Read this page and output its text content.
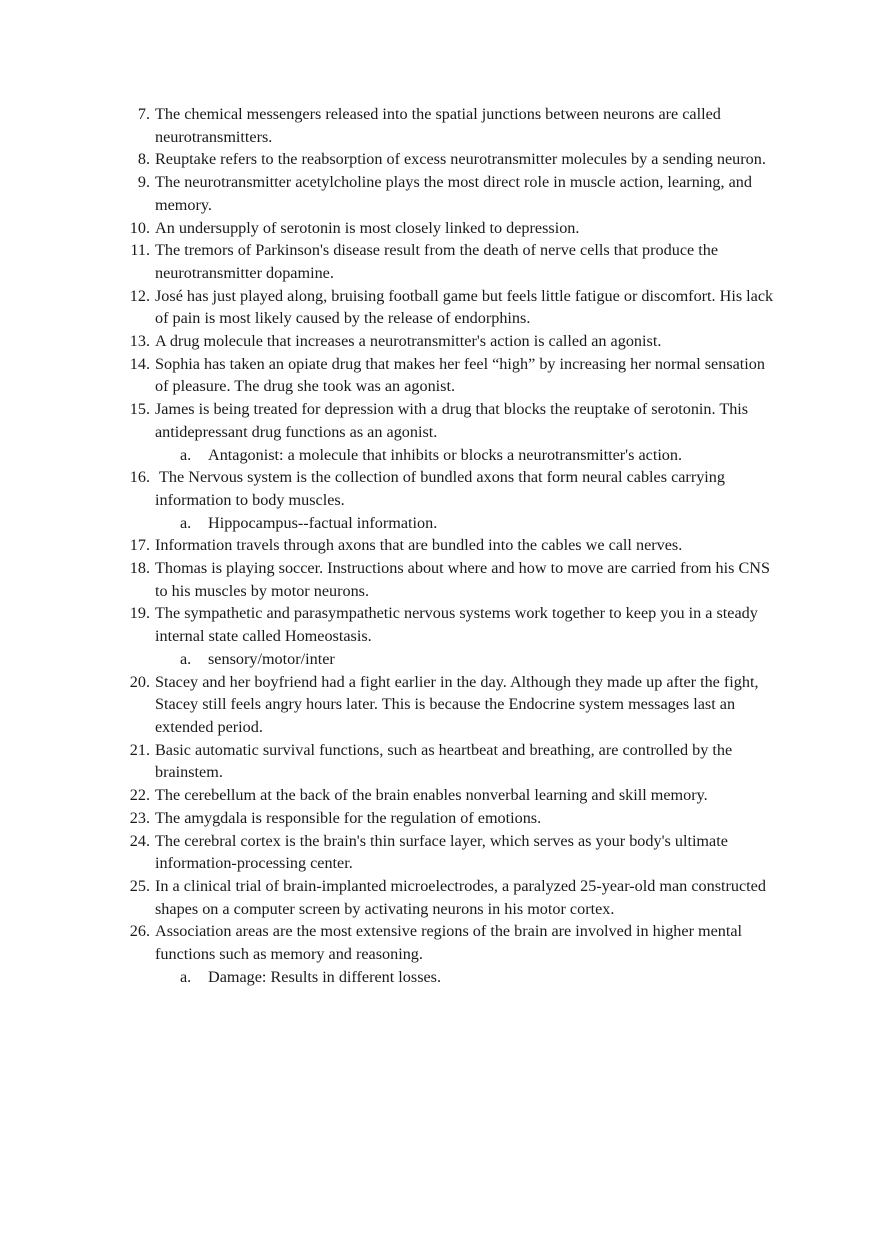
7. The chemical messengers released into the spatial junctions between neurons are called neurotransmitters.
8. Reuptake refers to the reabsorption of excess neurotransmitter molecules by a sending neuron.
9. The neurotransmitter acetylcholine plays the most direct role in muscle action, learning, and memory.
10. An undersupply of serotonin is most closely linked to depression.
11. The tremors of Parkinson's disease result from the death of nerve cells that produce the neurotransmitter dopamine.
12. José has just played along, bruising football game but feels little fatigue or discomfort. His lack of pain is most likely caused by the release of endorphins.
13. A drug molecule that increases a neurotransmitter's action is called an agonist.
14. Sophia has taken an opiate drug that makes her feel “high” by increasing her normal sensation of pleasure. The drug she took was an agonist.
15. James is being treated for depression with a drug that blocks the reuptake of serotonin. This antidepressant drug functions as an agonist.
a. Antagonist: a molecule that inhibits or blocks a neurotransmitter's action.
16. The Nervous system is the collection of bundled axons that form neural cables carrying information to body muscles.
a. Hippocampus--factual information.
17. Information travels through axons that are bundled into the cables we call nerves.
18. Thomas is playing soccer. Instructions about where and how to move are carried from his CNS to his muscles by motor neurons.
19. The sympathetic and parasympathetic nervous systems work together to keep you in a steady internal state called Homeostasis.
a. sensory/motor/inter
20. Stacey and her boyfriend had a fight earlier in the day. Although they made up after the fight, Stacey still feels angry hours later. This is because the Endocrine system messages last an extended period.
21. Basic automatic survival functions, such as heartbeat and breathing, are controlled by the brainstem.
22. The cerebellum at the back of the brain enables nonverbal learning and skill memory.
23. The amygdala is responsible for the regulation of emotions.
24. The cerebral cortex is the brain's thin surface layer, which serves as your body's ultimate information-processing center.
25. In a clinical trial of brain-implanted microelectrodes, a paralyzed 25-year-old man constructed shapes on a computer screen by activating neurons in his motor cortex.
26. Association areas are the most extensive regions of the brain are involved in higher mental functions such as memory and reasoning.
a. Damage: Results in different losses.
